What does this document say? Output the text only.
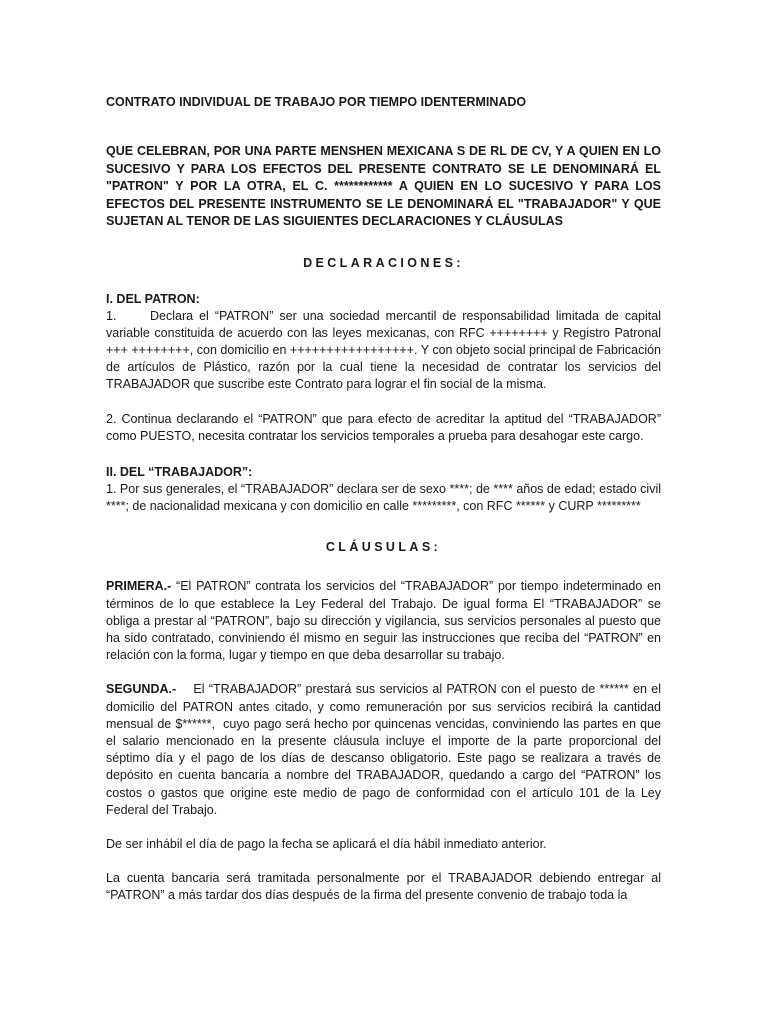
CONTRATO INDIVIDUAL DE TRABAJO POR TIEMPO IDENTERMINADO

QUE CELEBRAN, POR UNA PARTE MENSHEN MEXICANA S DE RL DE CV, Y A QUIEN EN LO SUCESIVO Y PARA LOS EFECTOS DEL PRESENTE CONTRATO SE LE DENOMINARÁ EL "PATRON" Y POR LA OTRA, EL C. ************ A QUIEN EN LO SUCESIVO Y PARA LOS EFECTOS DEL PRESENTE INSTRUMENTO SE LE DENOMINARÁ EL "TRABAJADOR" Y QUE SUJETAN AL TENOR DE LAS SIGUIENTES DECLARACIONES Y CLÁUSULAS

DECLARACIONES:

I. DEL PATRON:

1.	Declara el “PATRON” ser una sociedad mercantil de responsabilidad limitada de capital variable constituida de acuerdo con las leyes mexicanas, con RFC ++++++++ y Registro Patronal +++ ++++++++, con domicilio en +++++++++++++++++. Y con objeto social principal de Fabricación de artículos de Plástico, razón por la cual tiene la necesidad de contratar los servicios del TRABAJADOR que suscribe este Contrato para lograr el fin social de la misma.

2. Continua declarando el “PATRON” que para efecto de acreditar la aptitud del “TRABAJADOR” como PUESTO, necesita contratar los servicios temporales a prueba para desahogar este cargo.

II. DEL “TRABAJADOR”:

1. Por sus generales, el “TRABAJADOR” declara ser de sexo ****; de **** años de edad; estado civil ****; de nacionalidad mexicana y con domicilio en calle *********, con RFC ****** y CURP *********

CLÁUSULAS:

PRIMERA.- “El PATRON” contrata los servicios del “TRABAJADOR” por tiempo indeterminado en términos de lo que establece la Ley Federal del Trabajo. De igual forma El “TRABAJADOR” se obliga a prestar al “PATRON”, bajo su dirección y vigilancia, sus servicios personales al puesto que ha sido contratado, conviniendo él mismo en seguir las instrucciones que reciba del “PATRON” en relación con la forma, lugar y tiempo en que deba desarrollar su trabajo.

SEGUNDA.-    El “TRABAJADOR” prestará sus servicios al PATRON con el puesto de ****** en el domicilio del PATRON antes citado, y como remuneración por sus servicios recibirá la cantidad mensual de $******,  cuyo pago será hecho por quincenas vencidas, conviniendo las partes en que el salario mencionado en la presente cláusula incluye el importe de la parte proporcional del séptimo día y el pago de los días de descanso obligatorio. Este pago se realizara a través de depósito en cuenta bancaria a nombre del TRABAJADOR, quedando a cargo del “PATRON” los costos o gastos que origine este medio de pago de conformidad con el artículo 101 de la Ley Federal del Trabajo.

De ser inhábil el día de pago la fecha se aplicará el día hábil inmediato anterior.

La cuenta bancaria será tramitada personalmente por el TRABAJADOR debiendo entregar al “PATRON” a más tardar dos días después de la firma del presente convenio de trabajo toda la
